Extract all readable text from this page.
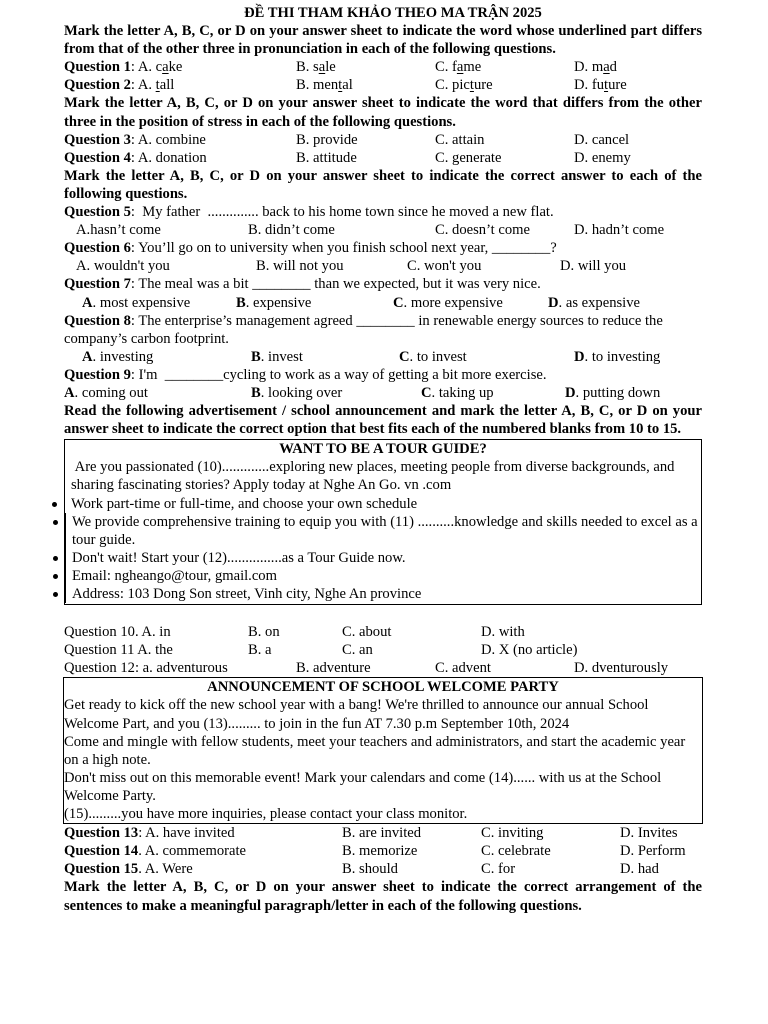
ĐỀ THI THAM KHẢO THEO MA TRẬN 2025
Mark the letter A, B, C, or D on your answer sheet to indicate the word whose underlined part differs from that of the other three in pronunciation in each of the following questions.
Question 1: A. cake	B. sale	C. fame	D. mad
Question 2: A. tall	B. mental	C. picture	D. future
Mark the letter A, B, C, or D on your answer sheet to indicate the word that differs from the other three in the position of stress in each of the following questions.
Question 3: A. combine	B. provide	C. attain	D. cancel
Question 4: A. donation	B. attitude	C. generate	D. enemy
Mark the letter A, B, C, or D on your answer sheet to indicate the correct answer to each of the following questions.
Question 5:  My father  .............. back to his home town since he moved a new flat.
A.hasn’t come	B. didn’t come	C. doesn’t come	D. hadn’t come
Question 6: You’ll go on to university when you finish school next year, ________?
A. wouldn't you	B. will not you	C. won't you	D. will you
Question 7: The meal was a bit ________ than we expected, but it was very nice.
A. most expensive	B. expensive	C. more expensive	D. as expensive
Question 8: The enterprise’s management agreed ________ in renewable energy sources to reduce the company’s carbon footprint.
A. investing	B. invest	C. to invest	D. to investing
Question 9: I'm  ________cycling to work as a way of getting a bit more exercise.
A. coming out	B. looking over	C. taking up	D. putting down
Read the following advertisement / school announcement and mark the letter A, B, C, or D on your answer sheet to indicate the correct option that best fits each of the numbered blanks from 10 to 15.
WANT TO BE A TOUR GUIDE?
Are you passionated (10).............exploring new places, meeting people from diverse backgrounds, and sharing fascinating stories? Apply today at Nghe An Go. vn .com
Work part-time or full-time, and choose your own schedule
We provide comprehensive training to equip you with (11) ..........knowledge and skills needed to excel as a tour guide.
Don't wait! Start your (12)...............as a Tour Guide now.
Email: ngheango@tour, gmail.com
Address: 103 Dong Son street, Vinh city, Nghe An province
Question 10. A. in	B. on	C. about	D. with
Question 11 A. the	B. a	C. an	D. X (no article)
Question 12: a. adventurous	B. adventure	C. advent	D. dventurously
ANNOUNCEMENT OF SCHOOL WELCOME PARTY
Get ready to kick off the new school year with a bang! We're thrilled to announce our annual School Welcome Part, and you (13)......... to join in the fun AT 7.30 p.m September 10th, 2024
Come and mingle with fellow students, meet your teachers and administrators, and start the academic year on a high note.
Don't miss out on this memorable event! Mark your calendars and come (14)...... with us at the School Welcome Party.
(15).........you have more inquiries, please contact your class monitor.
Question 13: A. have invited	B. are invited	C. inviting	D. Invites
Question 14. A. commemorate	B. memorize	C. celebrate	D. Perform
Question 15. A. Were	B. should	C. for	D. had
Mark the letter A, B, C, or D on your answer sheet to indicate the correct arrangement of the sentences to make a meaningful paragraph/letter in each of the following questions.
